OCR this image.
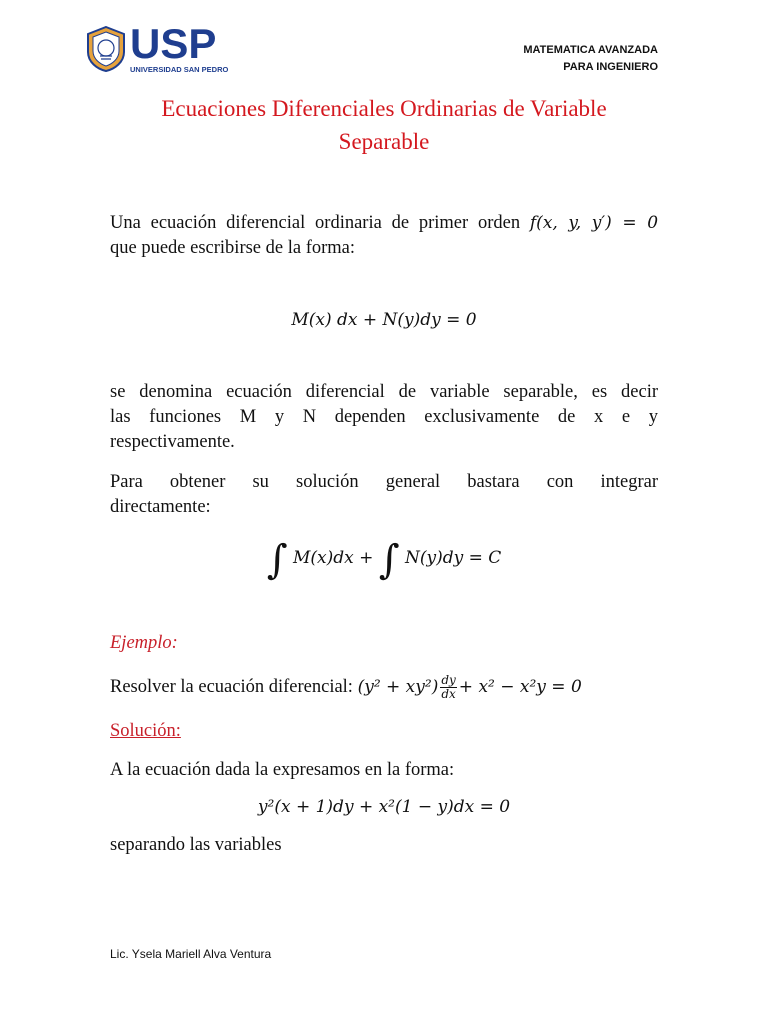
USP
UNIVERSIDAD SAN PEDRO
MATEMATICA AVANZADA
PARA INGENIERO
Ecuaciones Diferenciales Ordinarias de Variable
Separable
Una ecuación diferencial ordinaria de primer orden f(x, y, y′) = 0
que puede escribirse de la forma:
M(x) dx + N(y)dy = 0
se denomina ecuación diferencial de variable separable, es decir
las funciones M y N dependen exclusivamente de x e y
respectivamente.
Para obtener su solución general bastara con integrar
directamente:
∫ M(x)dx + ∫ N(y)dy = C
Ejemplo:
Resolver la ecuación diferencial: $(y^2 + xy^2) \frac{dy}{dx} + x^2 - x^2y = 0$
Solución:
A la ecuación dada la expresamos en la forma:
y²(x + 1)dy + x²(1 − y)dx = 0
separando las variables
Lic. Ysela Mariell Alva Ventura
